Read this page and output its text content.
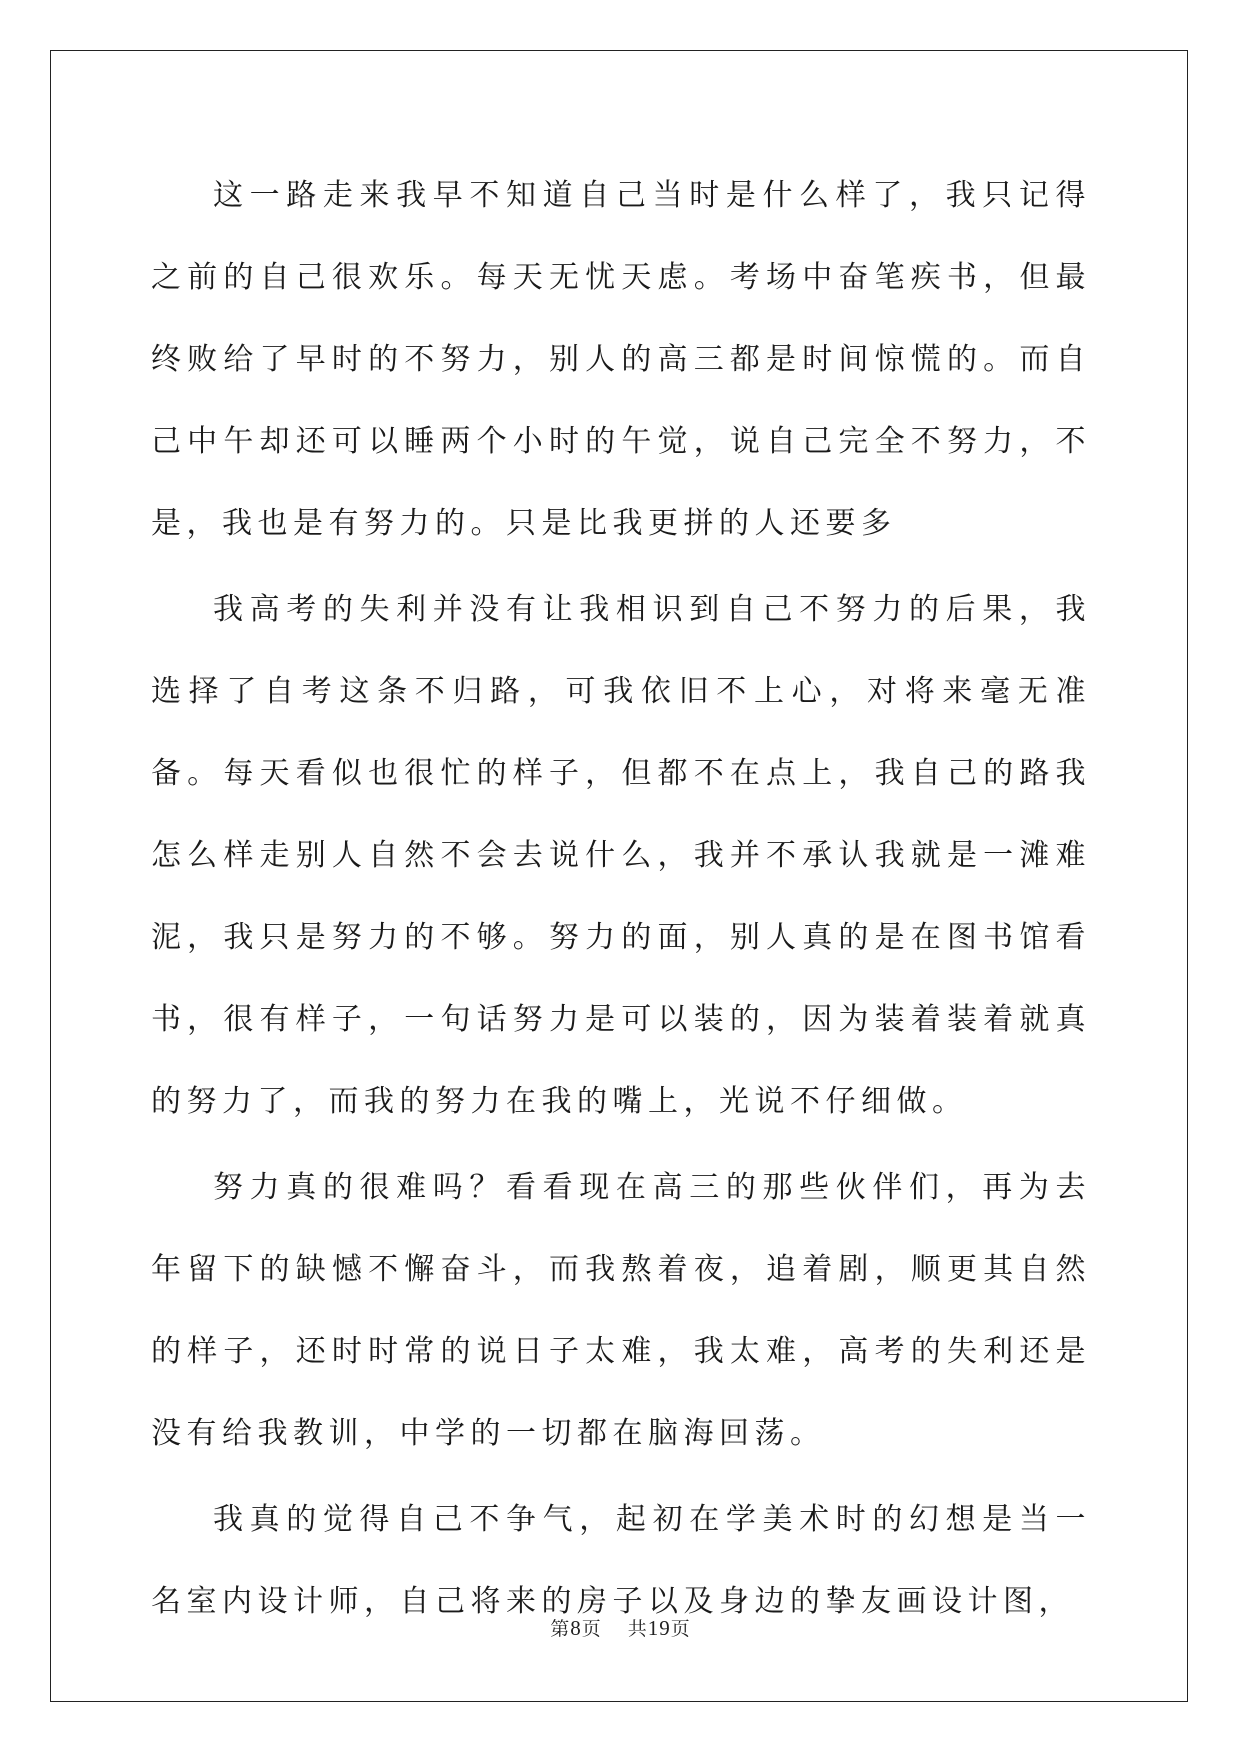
这一路走来我早不知道自己当时是什么样了，我只记得之前的自己很欢乐。每天无忧天虑。考场中奋笔疾书，但最终败给了早时的不努力，别人的高三都是时间惊慌的。而自己中午却还可以睡两个小时的午觉，说自己完全不努力，不是，我也是有努力的。只是比我更拼的人还要多

我高考的失利并没有让我相识到自己不努力的后果，我选择了自考这条不归路，可我依旧不上心，对将来毫无准备。每天看似也很忙的样子，但都不在点上，我自己的路我怎么样走别人自然不会去说什么，我并不承认我就是一滩难泥，我只是努力的不够。努力的面，别人真的是在图书馆看书，很有样子，一句话努力是可以装的，因为装着装着就真的努力了，而我的努力在我的嘴上，光说不仔细做。

努力真的很难吗？看看现在高三的那些伙伴们，再为去年留下的缺憾不懈奋斗，而我熬着夜，追着剧，顺更其自然的样子，还时时常的说日子太难，我太难，高考的失利还是没有给我教训，中学的一切都在脑海回荡。

我真的觉得自己不争气，起初在学美术时的幻想是当一名室内设计师，自己将来的房子以及身边的挚友画设计图，

第8页 共19页
